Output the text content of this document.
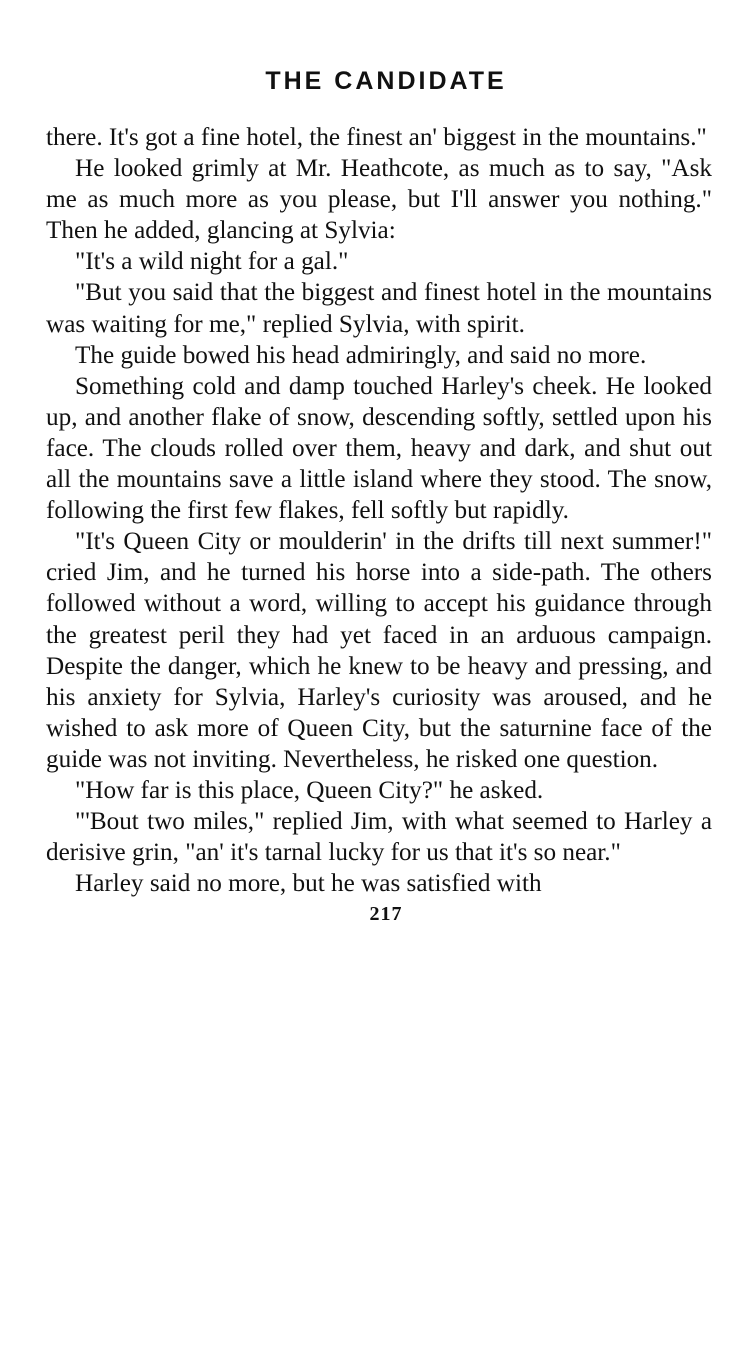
THE CANDIDATE

there. It's got a fine hotel, the finest an' biggest in the mountains."

He looked grimly at Mr. Heathcote, as much as to say, "Ask me as much more as you please, but I'll answer you nothing." Then he added, glancing at Sylvia:

"It's a wild night for a gal."

"But you said that the biggest and finest hotel in the mountains was waiting for me," replied Sylvia, with spirit.

The guide bowed his head admiringly, and said no more.

Something cold and damp touched Harley's cheek. He looked up, and another flake of snow, descending softly, settled upon his face. The clouds rolled over them, heavy and dark, and shut out all the mountains save a little island where they stood. The snow, following the first few flakes, fell softly but rapidly.

"It's Queen City or moulderin' in the drifts till next summer!" cried Jim, and he turned his horse into a side-path. The others followed without a word, willing to accept his guidance through the greatest peril they had yet faced in an arduous campaign. Despite the danger, which he knew to be heavy and pressing, and his anxiety for Sylvia, Harley's curiosity was aroused, and he wished to ask more of Queen City, but the saturnine face of the guide was not inviting. Nevertheless, he risked one question.

"How far is this place, Queen City?" he asked.

"'Bout two miles," replied Jim, with what seemed to Harley a derisive grin, "an' it's tarnal lucky for us that it's so near."

Harley said no more, but he was satisfied with

217
